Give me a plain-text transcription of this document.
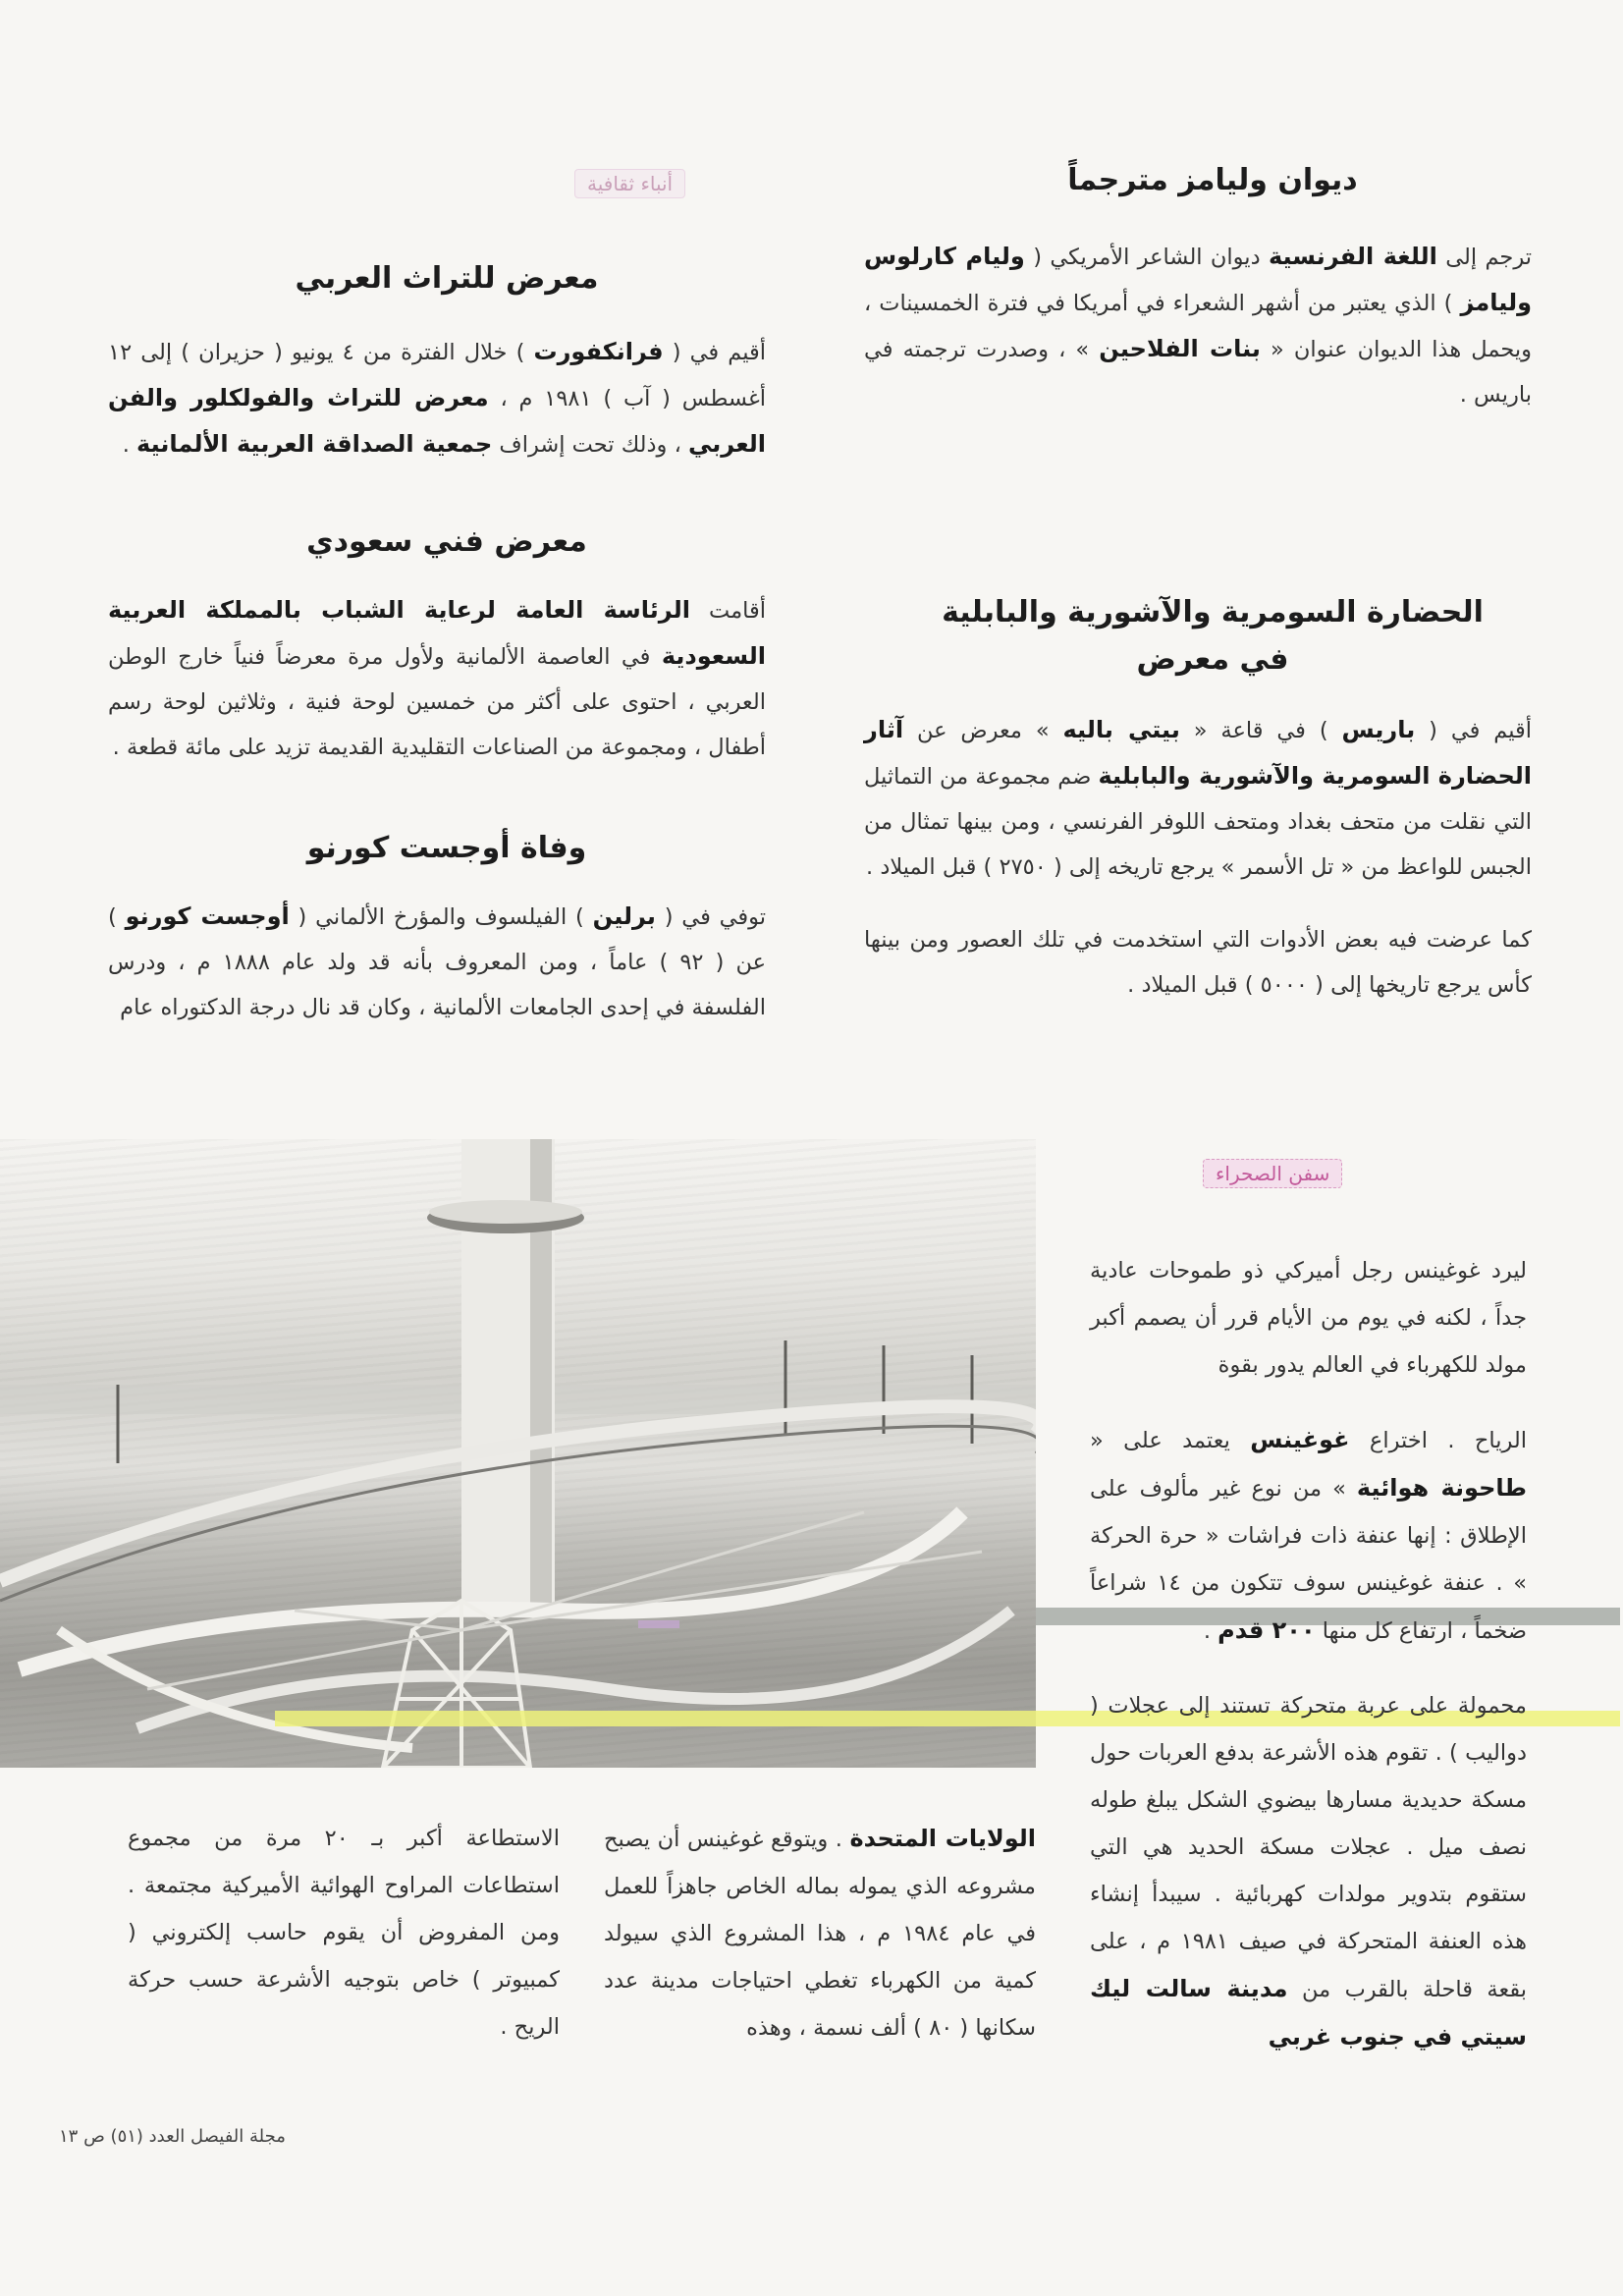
أنباء ثقافية	ديوان وليامز مترجماً
ترجم إلى اللغة الفرنسية ديوان الشاعر الأمريكي ( وليام كارلوس وليامز ) الذي يعتبر من أشهر الشعراء في أمريكا في فترة الخمسينات ، ويحمل هذا الديوان عنوان « بنات الفلاحين » ، وصدرت ترجمته في باريس .
الحضارة السومرية والآشورية والبابلية
في معرض

أقيم في ( باريس ) في قاعة « بيتي باليه » معرض عن آثار الحضارة السومرية والآشورية والبابلية ضم مجموعة من التماثيل التي نقلت من متحف بغداد ومتحف اللوفر الفرنسي ، ومن بينها تمثال من الجبس للواعظ من « تل الأسمر » يرجع تاريخه إلى ( ٢٧٥٠ ) قبل الميلاد .

كما عرضت فيه بعض الأدوات التي استخدمت في تلك العصور ومن بينها كأس يرجع تاريخها إلى ( ٥٠٠٠ ) قبل الميلاد .

معرض للتراث العربي
أقيم في ( فرانكفورت ) خلال الفترة من ٤ يونيو ( حزيران ) إلى ١٢ أغسطس ( آب ) ١٩٨١ م ، معرض للتراث والفولكلور والفن العربي ، وذلك تحت إشراف جمعية الصداقة العربية الألمانية .
معرض فني سعودي
أقامت الرئاسة العامة لرعاية الشباب بالمملكة العربية السعودية في العاصمة الألمانية ولأول مرة معرضاً فنياً خارج الوطن العربي ، احتوى على أكثر من خمسين لوحة فنية ، وثلاثين لوحة رسم أطفال ، ومجموعة من الصناعات التقليدية القديمة تزيد على مائة قطعة .
وفاة أوجست كورنو
توفي في ( برلين ) الفيلسوف والمؤرخ الألماني ( أوجست كورنو ) عن ( ٩٢ ) عاماً ، ومن المعروف بأنه قد ولد عام ١٨٨٨ م ، ودرس الفلسفة في إحدى الجامعات الألمانية ، وكان قد نال درجة الدكتوراه عام
سفن الصحراء

ليرد غوغينس رجل أميركي ذو طموحات عادية جداً ، لكنه في يوم من الأيام قرر أن يصمم أكبر مولد للكهرباء في العالم يدور بقوة

الرياح . اختراع غوغينس يعتمد على « طاحونة هوائية » من نوع غير مألوف على الإطلاق : إنها عنفة ذات فراشات « حرة الحركة » . عنفة غوغينس سوف تتكون من ١٤ شراعاً ضخماً ، ارتفاع كل منها ٢٠٠ قدم .

محمولة على عربة متحركة تستند إلى عجلات ( دواليب ) . تقوم هذه الأشرعة بدفع العربات حول مسكة حديدية مسارها بيضوي الشكل يبلغ طوله نصف ميل . عجلات مسكة الحديد هي التي ستقوم بتدوير مولدات كهربائية . سيبدأ إنشاء هذه العنفة المتحركة في صيف ١٩٨١ م ، على بقعة قاحلة بالقرب من مدينة سالت ليك سيتي في جنوب غربي

الولايات المتحدة . ويتوقع غوغينس أن يصبح مشروعه الذي يموله بماله الخاص جاهزاً للعمل في عام ١٩٨٤ م ، هذا المشروع الذي سيولد كمية من الكهرباء تغطي احتياجات مدينة عدد سكانها ( ٨٠ ) ألف نسمة ، وهذه
الاستطاعة أكبر بـ ٢٠ مرة من مجموع استطاعات المراوح الهوائية الأميركية مجتمعة . ومن المفروض أن يقوم حاسب إلكتروني ( كمبيوتر ) خاص بتوجيه الأشرعة حسب حركة الريح .
مجلة الفيصل العدد (٥١) ص ١٣
